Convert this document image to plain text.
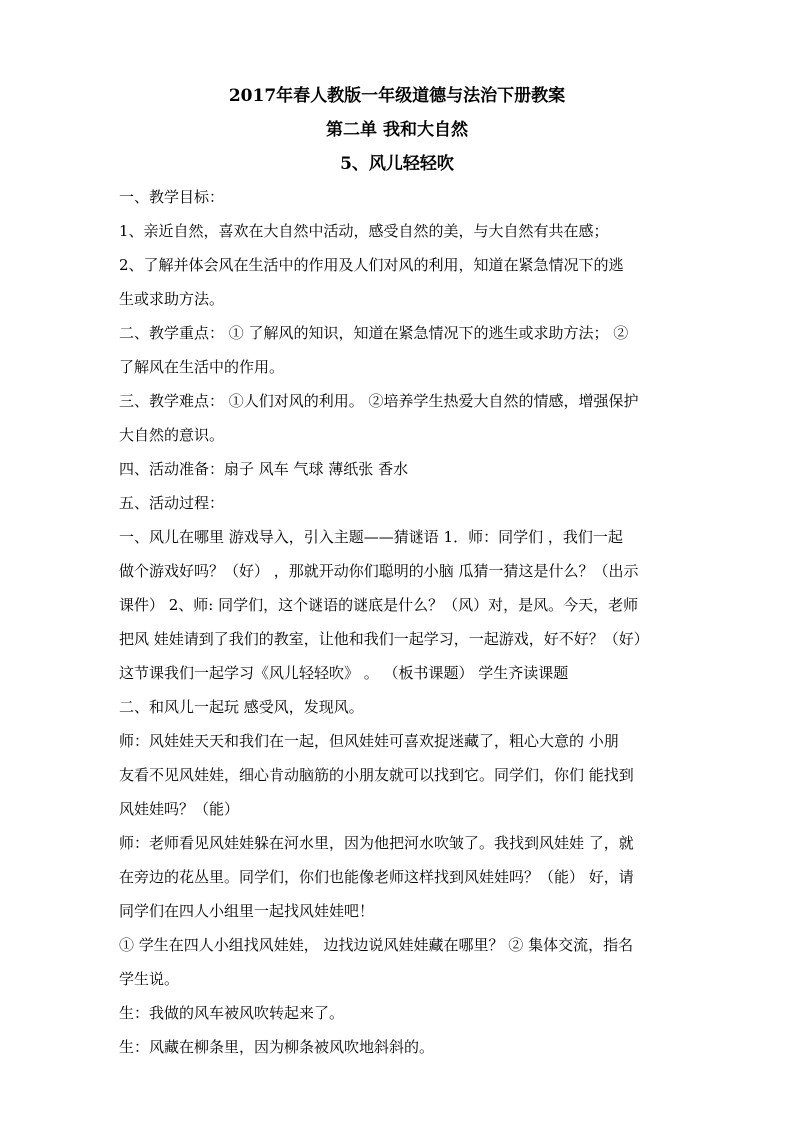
2017年春人教版一年级道德与法治下册教案
第二单 我和大自然
5、风儿轻轻吹
一、教学目标：
1、亲近自然，喜欢在大自然中活动，感受自然的美，与大自然有共在感；
2、了解并体会风在生活中的作用及人们对风的利用，知道在紧急情况下的逃
生或求助方法。
二、教学重点： ① 了解风的知识，知道在紧急情况下的逃生或求助方法； ②
了解风在生活中的作用。
三、教学难点： ①人们对风的利用。 ②培养学生热爱大自然的情感，增强保护
大自然的意识。
四、活动准备：扇子 风车 气球 薄纸张 香水
五、活动过程：
一、风儿在哪里 游戏导入，引入主题——猜谜语 1．师：同学们 ，我们一起
做个游戏好吗？（好） ，那就开动你们聪明的小脑 瓜猜一猜这是什么？（出示
课件） 2、师: 同学们，这个谜语的谜底是什么？（风）对，是风。今天，老师
把风 娃娃请到了我们的教室，让他和我们一起学习，一起游戏，好不好？（好）
这节课我们一起学习《风儿轻轻吹》 。 （板书课题） 学生齐读课题
二、和风儿一起玩 感受风，发现风。
师：风娃娃天天和我们在一起，但风娃娃可喜欢捉迷藏了，粗心大意的 小朋
友看不见风娃娃，细心肯动脑筋的小朋友就可以找到它。同学们，你们 能找到
风娃娃吗？（能）
师：老师看见风娃娃躲在河水里，因为他把河水吹皱了。我找到风娃娃 了，就
在旁边的花丛里。同学们，你们也能像老师这样找到风娃娃吗？（能） 好，请
同学们在四人小组里一起找风娃娃吧！
① 学生在四人小组找风娃娃， 边找边说风娃娃藏在哪里？ ② 集体交流，指名
学生说。
生：我做的风车被风吹转起来了。
生：风藏在柳条里，因为柳条被风吹地斜斜的。
